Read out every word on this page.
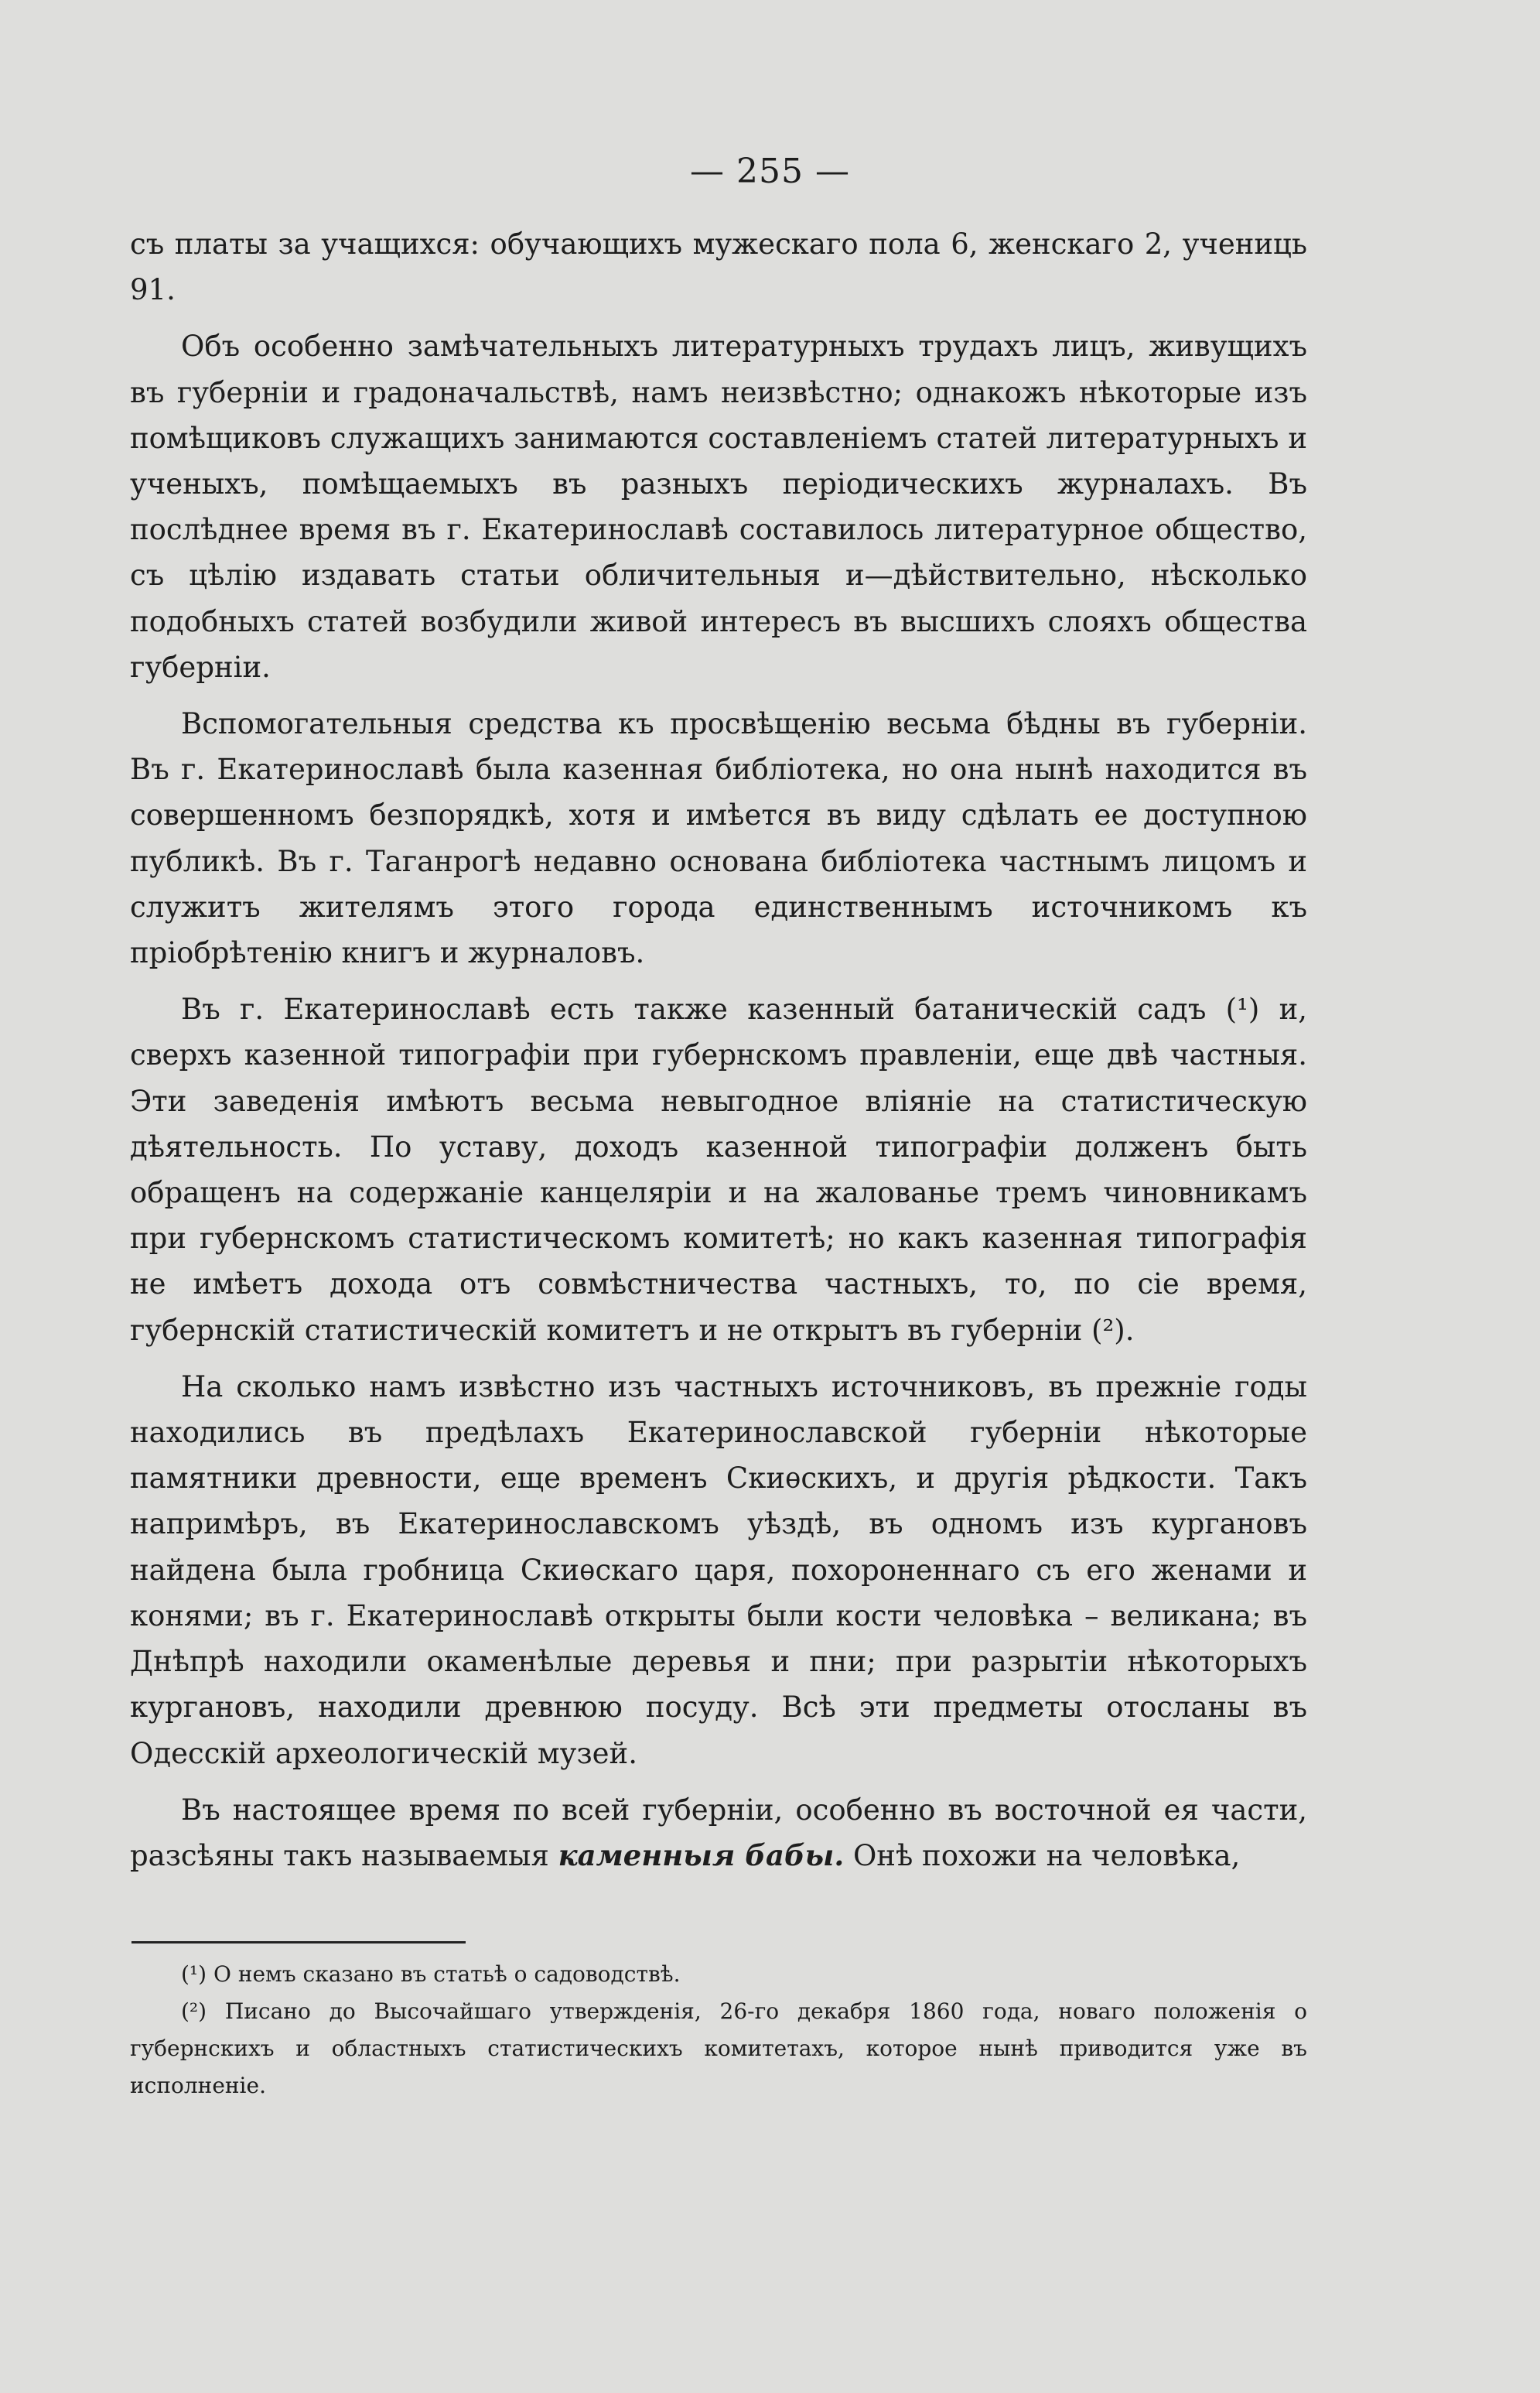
— 255 —

съ платы за учащихся: обучающихъ мужескаго пола 6, женскаго 2, учениць 91.

Объ особенно замѣчательныхъ литературныхъ трудахъ лицъ, живущихъ въ губерніи и градоначальствѣ, намъ неизвѣстно; однакожъ нѣкоторые изъ помѣщиковъ служащихъ занимаются составленіемъ статей литературныхъ и ученыхъ, помѣщаемыхъ въ разныхъ періодическихъ журналахъ. Въ послѣднее время въ г. Екатеринославѣ составилось литературное общество, съ цѣлію издавать статьи обличительныя и—дѣйствительно, нѣсколько подобныхъ статей возбудили живой интересъ въ высшихъ слояхъ общества губерніи.

Вспомогательныя средства къ просвѣщенію весьма бѣдны въ губерніи. Въ г. Екатеринославѣ была казенная библіотека, но она нынѣ находится въ совершенномъ безпорядкѣ, хотя и имѣется въ виду сдѣлать ее доступною публикѣ. Въ г. Таганрогѣ недавно основана библіотека частнымъ лицомъ и служитъ жителямъ этого города единственнымъ источникомъ къ пріобрѣтенію книгъ и журналовъ.

Въ г. Екатеринославѣ есть также казенный батаническій садъ (¹) и, сверхъ казенной типографіи при губернскомъ правленіи, еще двѣ частныя. Эти заведенія имѣютъ весьма невыгодное вліяніе на статистическую дѣятельность. По уставу, доходъ казенной типографіи долженъ быть обращенъ на содержаніе канцеляріи и на жалованье тремъ чиновникамъ при губернскомъ статистическомъ комитетѣ; но какъ казенная типографія не имѣетъ дохода отъ совмѣстничества частныхъ, то, по сіе время, губернскій статистическій комитетъ и не открытъ въ губерніи (²).

На сколько намъ извѣстно изъ частныхъ источниковъ, въ прежніе годы находились въ предѣлахъ Екатеринославской губерніи нѣкоторые памятники древности, еще временъ Скиѳскихъ, и другія рѣдкости. Такъ напримѣръ, въ Екатеринославскомъ уѣздѣ, въ одномъ изъ кургановъ найдена была гробница Скиѳскаго царя, похороненнаго съ его женами и конями; въ г. Екатеринославѣ открыты были кости человѣка – великана; въ Днѣпрѣ находили окаменѣлые деревья и пни; при разрытіи нѣкоторыхъ кургановъ, находили древнюю посуду. Всѣ эти предметы отосланы въ Одесскій археологическій музей.

Въ настоящее время по всей губерніи, особенно въ восточной ея части, разсѣяны такъ называемыя каменныя бабы. Онѣ похожи на человѣка,

(¹) О немъ сказано въ статьѣ о садоводствѣ.

(²) Писано до Высочайшаго утвержденія, 26-го декабря 1860 года, новаго положенія о губернскихъ и областныхъ статистическихъ комитетахъ, которое нынѣ приводится уже въ исполненіе.
